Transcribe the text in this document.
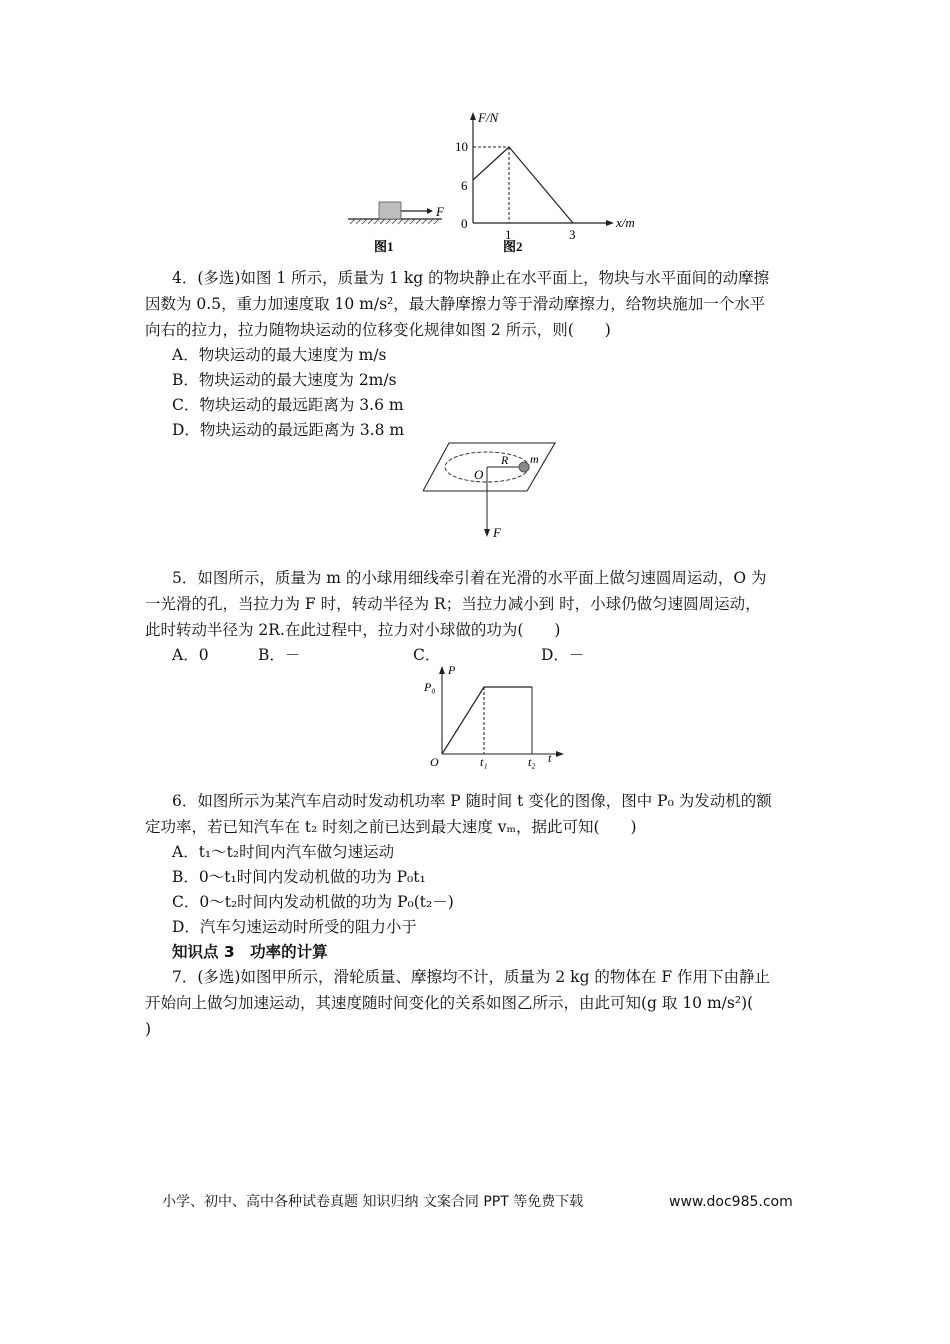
F
图1
F/N
x/m
10
6
0
1	3
图2
4．(多选)如图 1 所示，质量为 1 kg 的物块静止在水平面上，物块与水平面间的动摩擦
因数为 0.5，重力加速度取 10 m/s²，最大静摩擦力等于滑动摩擦力，给物块施加一个水平
向右的拉力，拉力随物块运动的位移变化规律如图 2 所示，则(　　)
A．物块运动的最大速度为 m/s
B．物块运动的最大速度为 2m/s
C．物块运动的最远距离为 3.6 m
D．物块运动的最远距离为 3.8 m
O
R m
F
5．如图所示，质量为 m 的小球用细线牵引着在光滑的水平面上做匀速圆周运动，O 为
一光滑的孔，当拉力为 F 时，转动半径为 R；当拉力减小到 时，小球仍做匀速圆周运动，
此时转动半径为 2R.在此过程中，拉力对小球做的功为(　　)
A．0	B．－	C．	D．－
P
P₀
O	t₁	t₂ t
6．如图所示为某汽车启动时发动机功率 P 随时间 t 变化的图像，图中 P₀ 为发动机的额
定功率，若已知汽车在 t₂ 时刻之前已达到最大速度 vₘ，据此可知(　　)
A．t₁～t₂时间内汽车做匀速运动
B．0～t₁时间内发动机做的功为 P₀t₁
C．0～t₂时间内发动机做的功为 P₀(t₂－)
D．汽车匀速运动时所受的阻力小于
知识点 3　功率的计算
7．(多选)如图甲所示，滑轮质量、摩擦均不计，质量为 2 kg 的物体在 F 作用下由静止
开始向上做匀加速运动，其速度随时间变化的关系如图乙所示，由此可知(g 取 10 m/s²)(
)
小学、初中、高中各种试卷真题 知识归纳 文案合同 PPT 等免费下载	www.doc985.com
